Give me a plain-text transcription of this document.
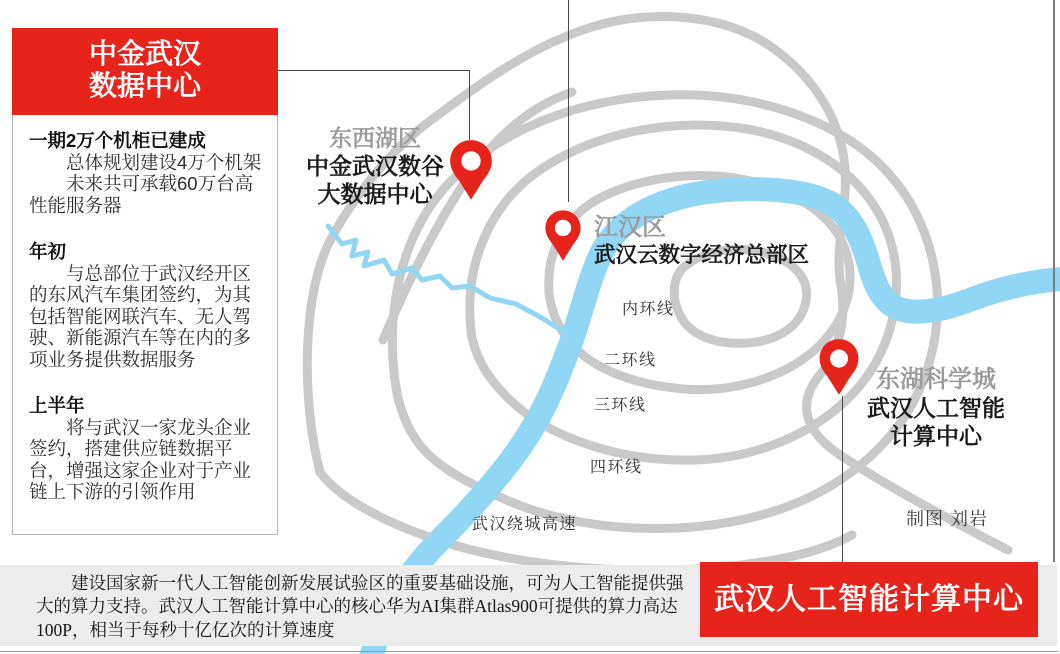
内环线
二环线
三环线
四环线
武汉绕城高速
东西湖区
中金武汉数谷
大数据中心
江汉区
武汉云数字经济总部区
东湖科学城
武汉人工智能
计算中心
中金武汉
数据中心
一期2万个机柜已建成

总体规划建设4万个机架

未来共可承载60万台高性能服务器

年初

与总部位于武汉经开区的东风汽车集团签约，为其包括智能网联汽车、无人驾驶、新能源汽车等在内的多项业务提供数据服务

上半年

将与武汉一家龙头企业签约，搭建供应链数据平台，增强这家企业对于产业链上下游的引领作用

制图 刘岩

建设国家新一代人工智能创新发展试验区的重要基础设施，可为人工智能提供强大的算力支持。武汉人工智能计算中心的核心华为AI集群Atlas900可提供的算力高达100P，相当于每秒十亿亿次的计算速度

武汉人工智能计算中心
